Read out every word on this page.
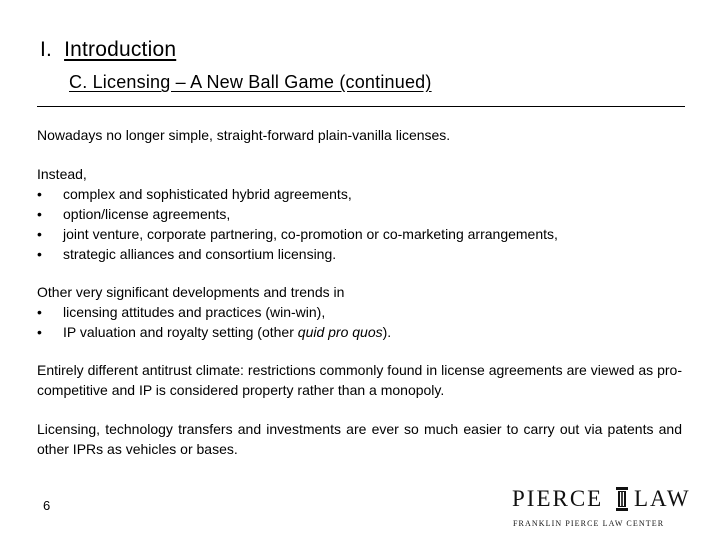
I. Introduction
C. Licensing – A New Ball Game (continued)

Nowadays no longer simple, straight-forward plain-vanilla licenses.

Instead,
• complex and sophisticated hybrid agreements,
• option/license agreements,
• joint venture, corporate partnering, co-promotion or co-marketing arrangements,
• strategic alliances and consortium licensing.
Other very significant developments and trends in
• licensing attitudes and practices (win-win),
• IP valuation and royalty setting (other quid pro quos).

Entirely different antitrust climate: restrictions commonly found in license agreements are viewed as pro-competitive and IP is considered property rather than a monopoly.

Licensing, technology transfers and investments are ever so much easier to carry out via patents and other IPRs as vehicles or bases.

6	PIERCE LAW
FRANKLIN PIERCE LAW CENTER
